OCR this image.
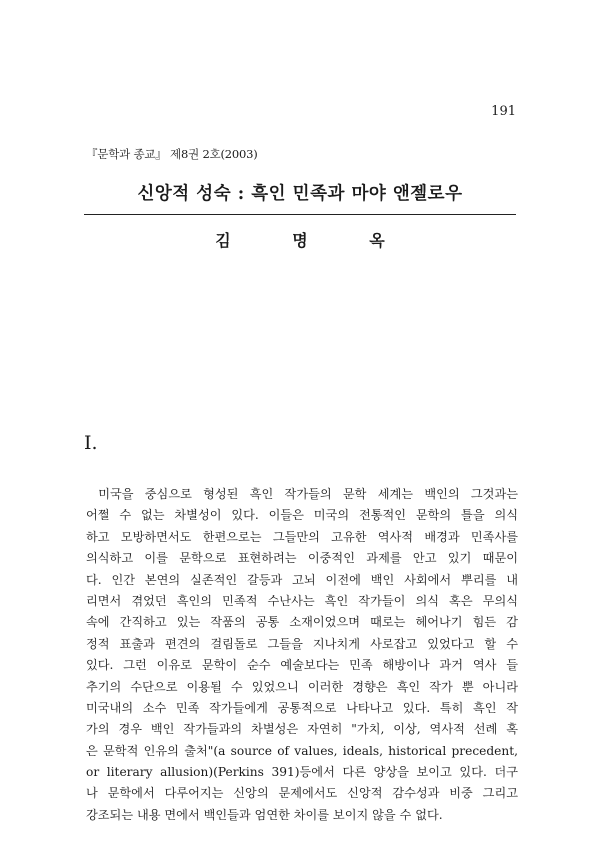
191
『문학과 종교』 제8권 2호(2003)
신앙적 성숙 : 흑인 민족과 마야 앤젤로우
김 명 옥
Ⅰ.
미국을 중심으로 형성된 흑인 작가들의 문학 세계는 백인의 그것과는
어쩔 수 없는 차별성이 있다. 이들은 미국의 전통적인 문학의 틀을 의식
하고 모방하면서도 한편으로는 그들만의 고유한 역사적 배경과 민족사를
의식하고 이를 문학으로 표현하려는 이중적인 과제를 안고 있기 때문이
다. 인간 본연의 실존적인 갈등과 고뇌 이전에 백인 사회에서 뿌리를 내
리면서 겪었던 흑인의 민족적 수난사는 흑인 작가들이 의식 혹은 무의식
속에 간직하고 있는 작품의 공통 소재이었으며 때로는 헤어나기 힘든 감
정적 표출과 편견의 걸림돌로 그들을 지나치게 사로잡고 있었다고 할 수
있다. 그런 이유로 문학이 순수 예술보다는 민족 해방이나 과거 역사 들
추기의 수단으로 이용될 수 있었으니 이러한 경향은 흑인 작가 뿐 아니라
미국내의 소수 민족 작가들에게 공통적으로 나타나고 있다. 특히 흑인 작
가의 경우 백인 작가들과의 차별성은 자연히 "가치, 이상, 역사적 선례 혹
은 문학적 인유의 출처"(a source of values, ideals, historical precedent,
or literary allusion)(Perkins 391)등에서 다른 양상을 보이고 있다. 더구
나 문학에서 다루어지는 신앙의 문제에서도 신앙적 감수성과 비중 그리고
강조되는 내용 면에서 백인들과 엄연한 차이를 보이지 않을 수 없다.
